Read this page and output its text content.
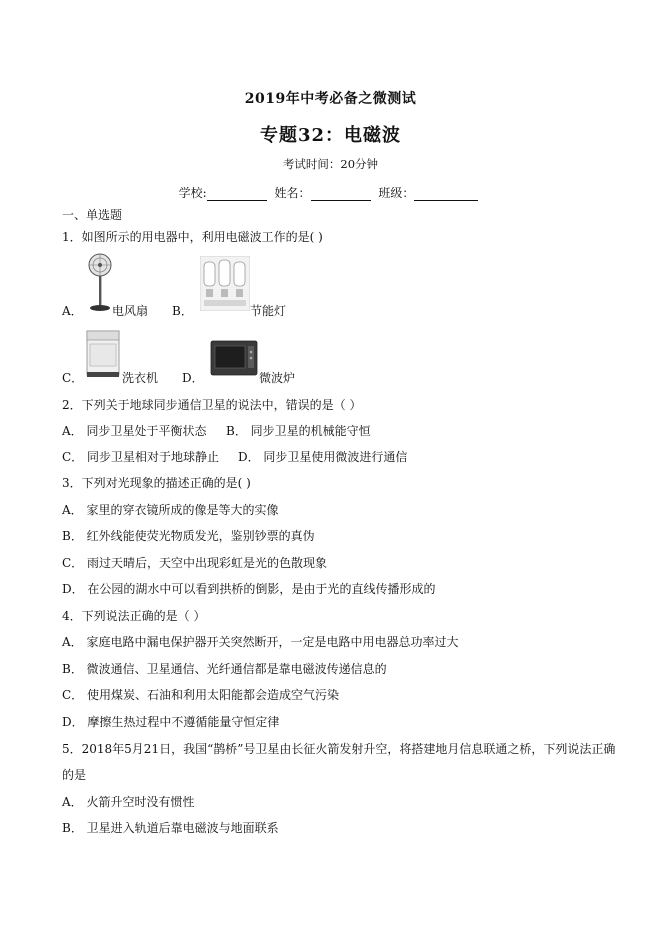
2019年中考必备之微测试
专题32：电磁波
考试时间：20分钟
学校:	姓名：	班级：
一、单选题
1．如图所示的用电器中，利用电磁波工作的是( )
A． 电风扇 B．	节能灯
C．	洗衣机 D．	微波炉
2．下列关于地球同步通信卫星的说法中，错误的是（ ）
A． 同步卫星处于平衡状态 B． 同步卫星的机械能守恒
C． 同步卫星相对于地球静止 D． 同步卫星使用微波进行通信
3．下列对光现象的描述正确的是( )
A． 家里的穿衣镜所成的像是等大的实像
B． 红外线能使荧光物质发光，鉴别钞票的真伪
C． 雨过天晴后，天空中出现彩虹是光的色散现象
D． 在公园的湖水中可以看到拱桥的倒影，是由于光的直线传播形成的
4．下列说法正确的是（ ）
A． 家庭电路中漏电保护器开关突然断开，一定是电路中用电器总功率过大
B． 微波通信、卫星通信、光纤通信都是靠电磁波传递信息的
C． 使用煤炭、石油和利用太阳能都会造成空气污染
D． 摩擦生热过程中不遵循能量守恒定律
5．2018年5月21日，我国“鹊桥”号卫星由长征火箭发射升空，将搭建地月信息联通之桥，下列说法正确
的是
A． 火箭升空时没有惯性
B． 卫星进入轨道后靠电磁波与地面联系
